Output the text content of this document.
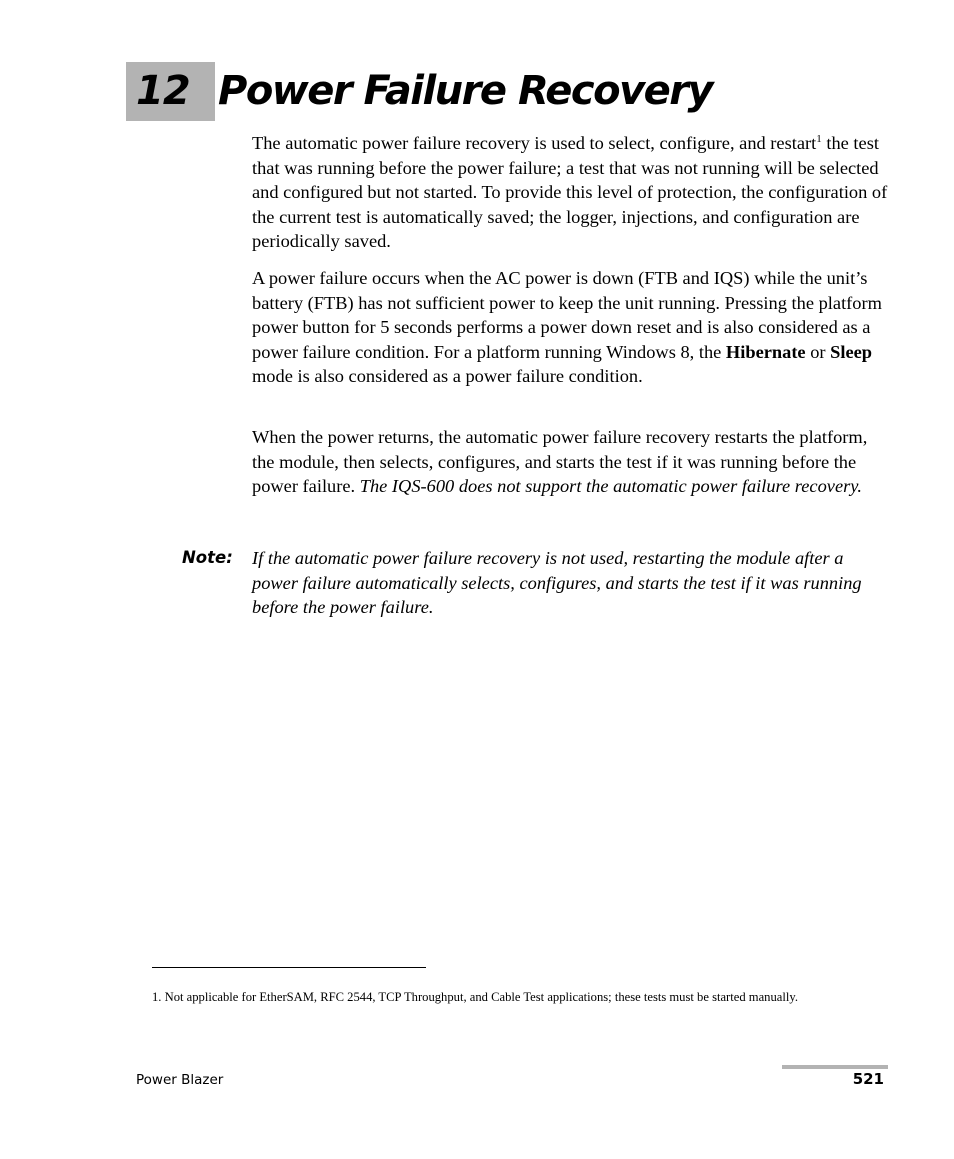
12 Power Failure Recovery

The automatic power failure recovery is used to select, configure, and restart$^1$ the test that was running before the power failure; a test that was not running will be selected and configured but not started. To provide this level of protection, the configuration of the current test is automatically saved; the logger, injections, and configuration are periodically saved.

A power failure occurs when the AC power is down (FTB and IQS) while the unit’s battery (FTB) has not sufficient power to keep the unit running. Pressing the platform power button for 5 seconds performs a power down reset and is also considered as a power failure condition. For a platform running Windows 8, the Hibernate or Sleep mode is also considered as a power failure condition.

When the power returns, the automatic power failure recovery restarts the platform, the module, then selects, configures, and starts the test if it was running before the power failure. The IQS-600 does not support the automatic power failure recovery.

Note: If the automatic power failure recovery is not used, restarting the module after a power failure automatically selects, configures, and starts the test if it was running before the power failure.
1. Not applicable for EtherSAM, RFC 2544, TCP Throughput, and Cable Test applications; these tests must be started manually.
Power Blazer	521
